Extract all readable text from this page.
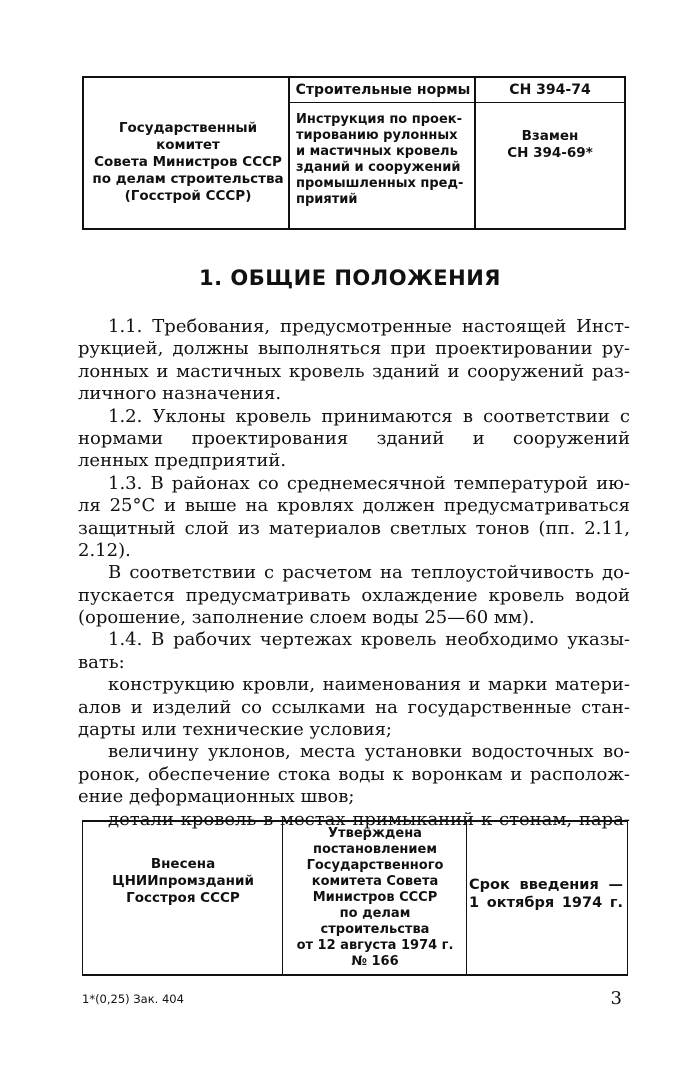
Государственный комитет
Совета Министров СССР
по делам строительства
(Госстрой СССР)
Строительные нормы
Инструкция по проек-
тированию рулонных
и мастичных кровель
зданий и сооружений
промышленных пред-
приятий
СН 394-74
Взамен
СН 394-69*
1. ОБЩИЕ ПОЛОЖЕНИЯ
1.1. Требования, предусмотренные настоящей Инст-
рукцией, должны выполняться при проектировании ру-
лонных и мастичных кровель зданий и сооружений раз-
личного назначения.
1.2. Уклоны кровель принимаются в соответствии с
нормами проектирования зданий и сооружений
ленных предприятий.
1.3. В районах со среднемесячной температурой ию-
ля 25°С и выше на кровлях должен предусматриваться
защитный слой из материалов светлых тонов (пп. 2.11,
2.12).
В соответствии с расчетом на теплоустойчивость до-
пускается предусматривать охлаждение кровель водой
(орошение, заполнение слоем воды 25—60 мм).
1.4. В рабочих чертежах кровель необходимо указы-
вать:
конструкцию кровли, наименования и марки матери-
алов и изделий со ссылками на государственные стан-
дарты или технические условия;
величину уклонов, места установки водосточных во-
ронок, обеспечение стока воды к воронкам и располож-
ение деформационных швов;
детали кровель в местах примыканий к стенам, пара-
Внесена
ЦНИИпромзданий
Госстроя СССР
Утверждена
постановлением
Государственного
комитета Совета
Министров СССР
по делам
строительства
от 12 августа 1974 г.
№ 166
Срок введения —
1 октября 1974 г.
1*(0,25) Зак. 404	3
